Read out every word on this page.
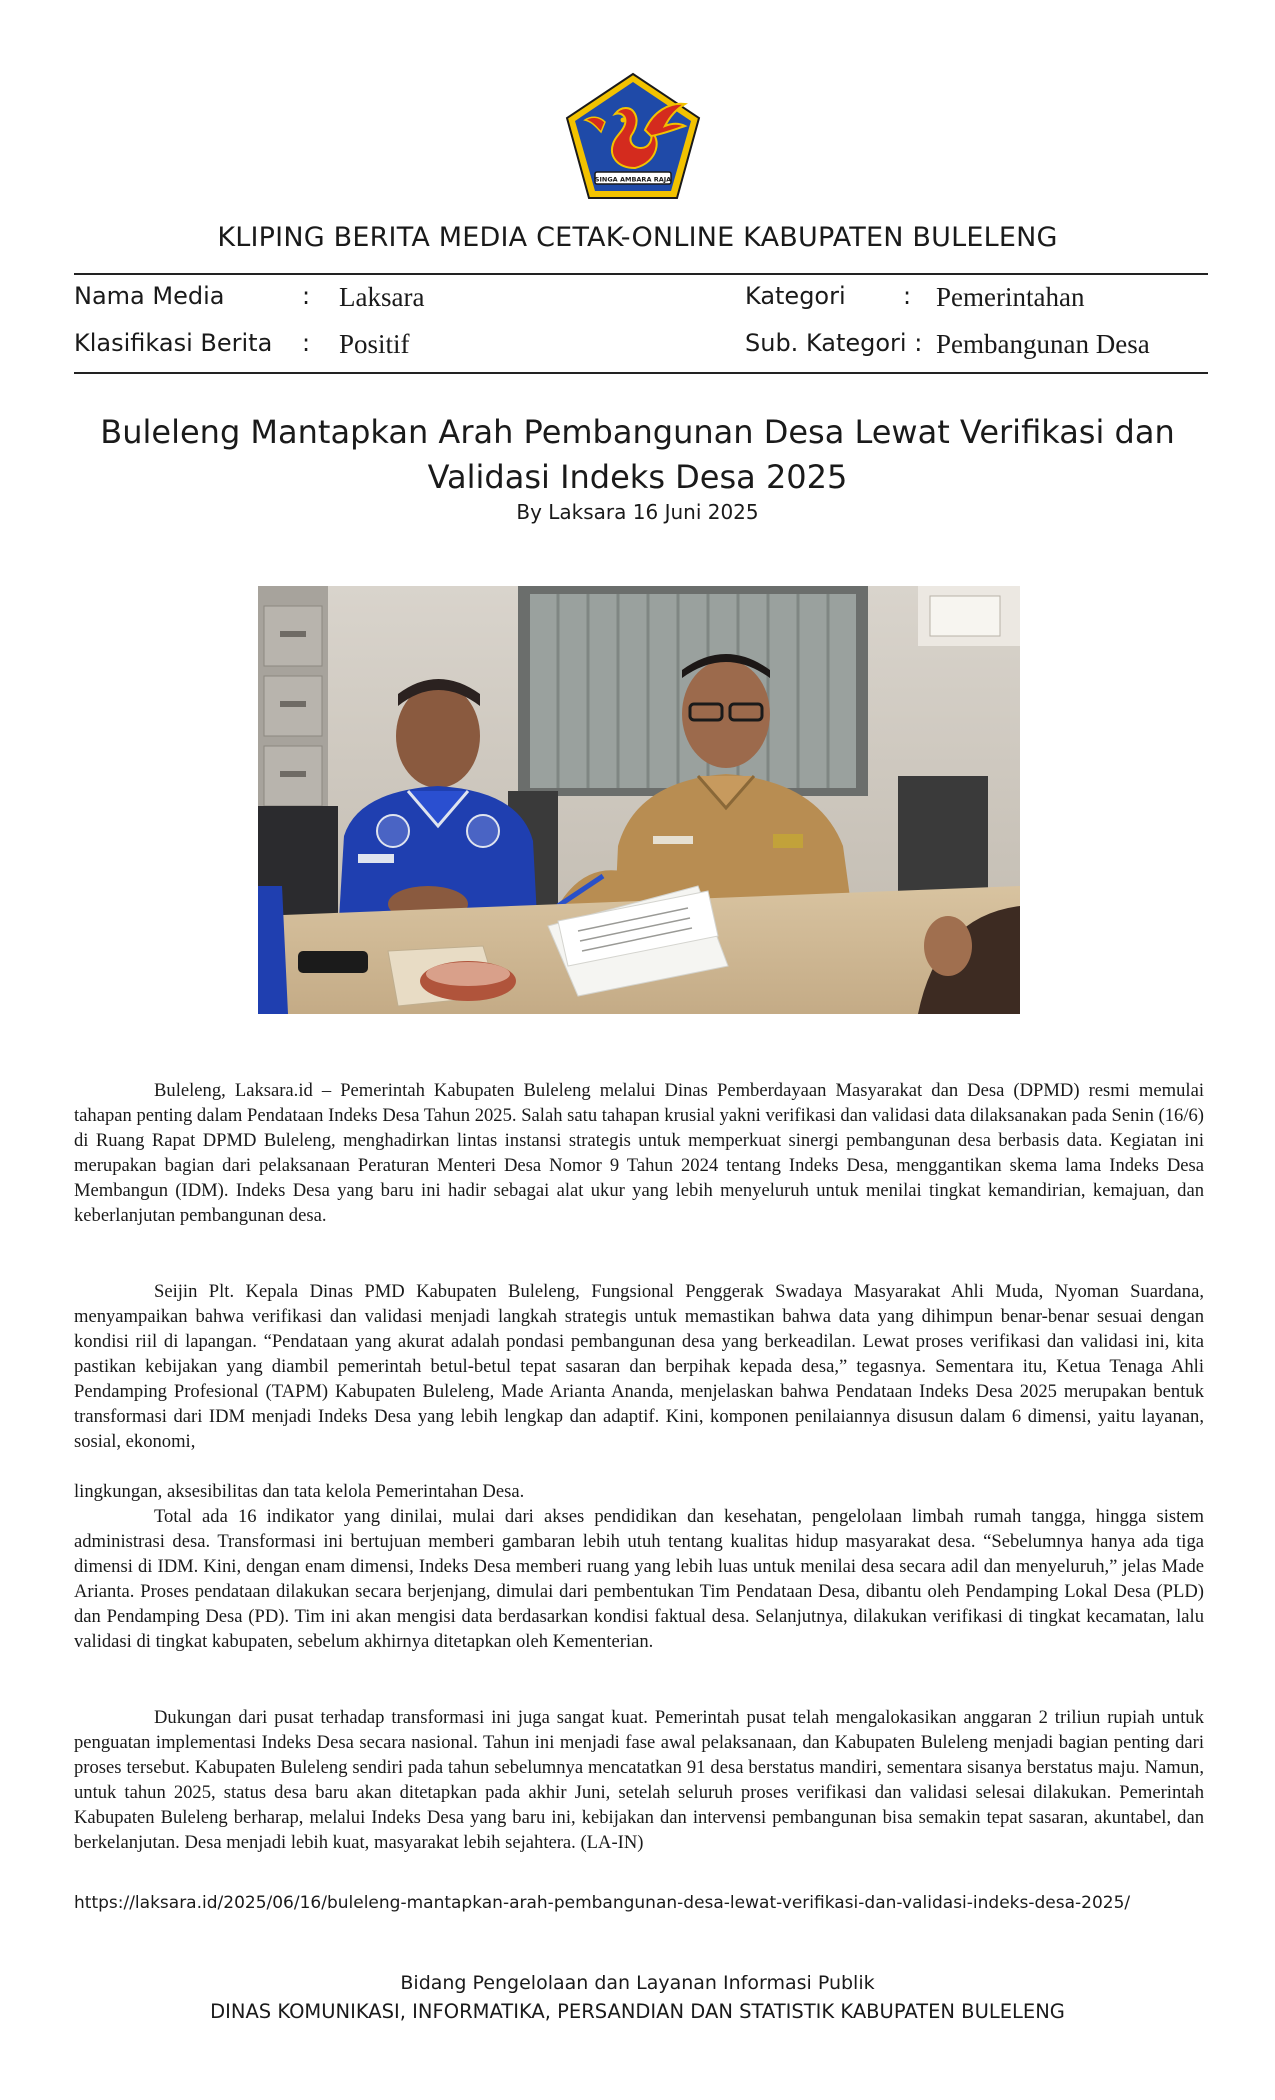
SINGA AMBARA RAJA
KLIPING BERITA MEDIA CETAK-ONLINE KABUPATEN BULELENG
Nama Media	: Laksara	Kategori : Pemerintahan
Klasifikasi Berita : Positif	Sub. Kategori : Pembangunan Desa
Buleleng Mantapkan Arah Pembangunan Desa Lewat Verifikasi dan
Validasi Indeks Desa 2025
By Laksara 16 Juni 2025

Buleleng, Laksara.id – Pemerintah Kabupaten Buleleng melalui Dinas Pemberdayaan Masyarakat dan Desa (DPMD) resmi memulai tahapan penting dalam Pendataan Indeks Desa Tahun 2025. Salah satu tahapan krusial yakni verifikasi dan validasi data dilaksanakan pada Senin (16/6) di Ruang Rapat DPMD Buleleng, menghadirkan lintas instansi strategis untuk memperkuat sinergi pembangunan desa berbasis data. Kegiatan ini merupakan bagian dari pelaksanaan Peraturan Menteri Desa Nomor 9 Tahun 2024 tentang Indeks Desa, menggantikan skema lama Indeks Desa Membangun (IDM). Indeks Desa yang baru ini hadir sebagai alat ukur yang lebih menyeluruh untuk menilai tingkat kemandirian, kemajuan, dan keberlanjutan pembangunan desa.

Seijin Plt. Kepala Dinas PMD Kabupaten Buleleng, Fungsional Penggerak Swadaya Masyarakat Ahli Muda, Nyoman Suardana, menyampaikan bahwa verifikasi dan validasi menjadi langkah strategis untuk memastikan bahwa data yang dihimpun benar-benar sesuai dengan kondisi riil di lapangan. “Pendataan yang akurat adalah pondasi pembangunan desa yang berkeadilan. Lewat proses verifikasi dan validasi ini, kita pastikan kebijakan yang diambil pemerintah betul-betul tepat sasaran dan berpihak kepada desa,” tegasnya. Sementara itu, Ketua Tenaga Ahli Pendamping Profesional (TAPM) Kabupaten Buleleng, Made Arianta Ananda, menjelaskan bahwa Pendataan Indeks Desa 2025 merupakan bentuk transformasi dari IDM menjadi Indeks Desa yang lebih lengkap dan adaptif. Kini, komponen penilaiannya disusun dalam 6 dimensi, yaitu layanan, sosial, ekonomi,

lingkungan, aksesibilitas dan tata kelola Pemerintahan Desa.

Total ada 16 indikator yang dinilai, mulai dari akses pendidikan dan kesehatan, pengelolaan limbah rumah tangga, hingga sistem administrasi desa. Transformasi ini bertujuan memberi gambaran lebih utuh tentang kualitas hidup masyarakat desa. “Sebelumnya hanya ada tiga dimensi di IDM. Kini, dengan enam dimensi, Indeks Desa memberi ruang yang lebih luas untuk menilai desa secara adil dan menyeluruh,” jelas Made Arianta. Proses pendataan dilakukan secara berjenjang, dimulai dari pembentukan Tim Pendataan Desa, dibantu oleh Pendamping Lokal Desa (PLD) dan Pendamping Desa (PD). Tim ini akan mengisi data berdasarkan kondisi faktual desa. Selanjutnya, dilakukan verifikasi di tingkat kecamatan, lalu validasi di tingkat kabupaten, sebelum akhirnya ditetapkan oleh Kementerian.

Dukungan dari pusat terhadap transformasi ini juga sangat kuat. Pemerintah pusat telah mengalokasikan anggaran 2 triliun rupiah untuk penguatan implementasi Indeks Desa secara nasional. Tahun ini menjadi fase awal pelaksanaan, dan Kabupaten Buleleng menjadi bagian penting dari proses tersebut. Kabupaten Buleleng sendiri pada tahun sebelumnya mencatatkan 91 desa berstatus mandiri, sementara sisanya berstatus maju. Namun, untuk tahun 2025, status desa baru akan ditetapkan pada akhir Juni, setelah seluruh proses verifikasi dan validasi selesai dilakukan. Pemerintah Kabupaten Buleleng berharap, melalui Indeks Desa yang baru ini, kebijakan dan intervensi pembangunan bisa semakin tepat sasaran, akuntabel, dan berkelanjutan. Desa menjadi lebih kuat, masyarakat lebih sejahtera. (LA-IN)

https://laksara.id/2025/06/16/buleleng-mantapkan-arah-pembangunan-desa-lewat-verifikasi-dan-validasi-indeks-desa-2025/
Bidang Pengelolaan dan Layanan Informasi Publik
DINAS KOMUNIKASI, INFORMATIKA, PERSANDIAN DAN STATISTIK KABUPATEN BULELENG
